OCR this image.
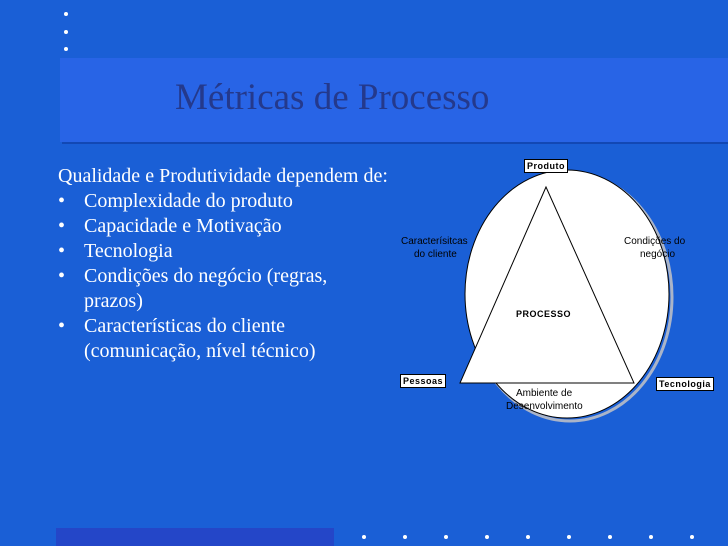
Métricas de Processo

Qualidade e Produtividade dependem de:

• Complexidade do produto
• Capacidade e Motivação
• Tecnologia
• Condições do negócio (regras, prazos)
• Características do cliente (comunicação, nível técnico)
Produto
Caracterísitcas
do cliente
Condições do
negócio
PROCESSO
Pessoas
Ambiente de
Desenvolvimento
Tecnologia
